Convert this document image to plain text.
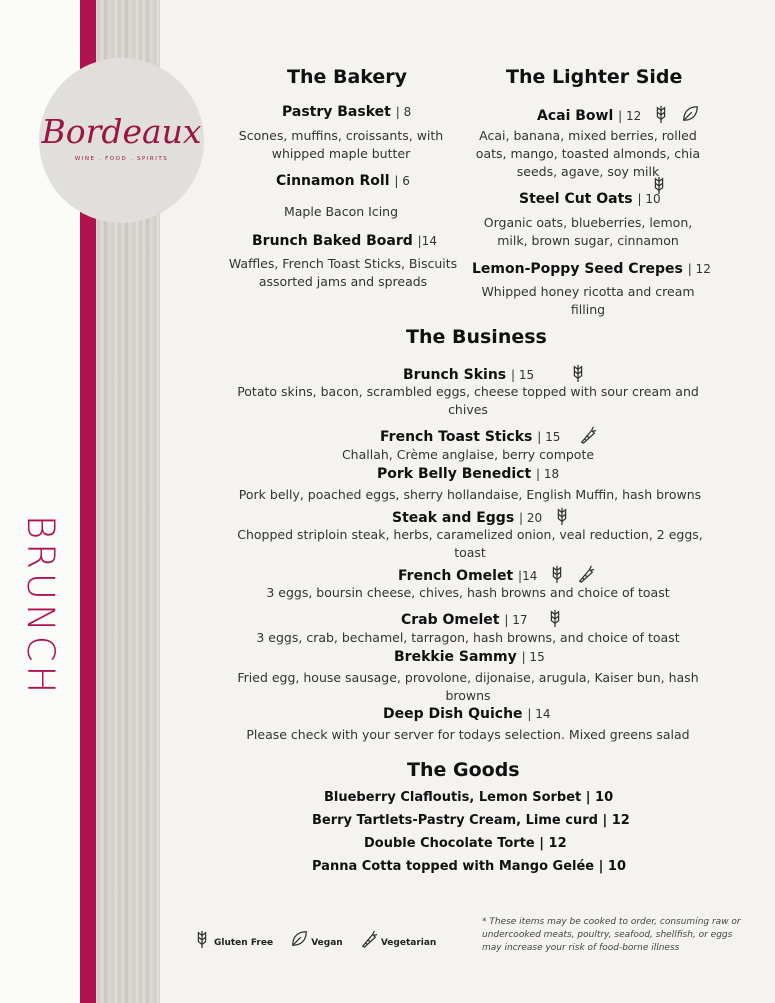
BRUNCH
Bordeaux
WINE . FOOD . SPIRITS
The Bakery
Pastry Basket | 8
Scones, muffins, croissants, with whipped maple butter
Cinnamon Roll | 6
Maple Bacon Icing
Brunch Baked Board |14
Waffles, French Toast Sticks, Biscuits assorted jams and spreads
The Lighter Side
Acai Bowl | 12
Acai, banana, mixed berries, rolled oats, mango, toasted almonds, chia seeds, agave, soy milk
Steel Cut Oats | 10
Organic oats, blueberries, lemon, milk, brown sugar, cinnamon
Lemon-Poppy Seed Crepes | 12
Whipped honey ricotta and cream filling
The Business
Brunch Skins | 15
Potato skins, bacon, scrambled eggs, cheese topped with sour cream and chives
French Toast Sticks | 15
Challah, Crème anglaise, berry compote
Pork Belly Benedict | 18
Pork belly, poached eggs, sherry hollandaise, English Muffin, hash browns
Steak and Eggs | 20
Chopped striploin steak, herbs, caramelized onion, veal reduction, 2 eggs, toast
French Omelet |14
3 eggs, boursin cheese, chives, hash browns and choice of toast
Crab Omelet | 17
3 eggs, crab, bechamel, tarragon, hash browns, and choice of toast
Brekkie Sammy | 15
Fried egg, house sausage, provolone, dijonaise, arugula, Kaiser bun, hash browns
Deep Dish Quiche | 14
Please check with your server for todays selection. Mixed greens salad
The Goods
Blueberry Clafloutis, Lemon Sorbet | 10
Berry Tartlets-Pastry Cream, Lime curd | 12
Double Chocolate Torte | 12
Panna Cotta topped with Mango Gelée | 10
Gluten Free	Vegan	Vegetarian
* These items may be cooked to order, consuming raw or undercooked meats, poultry, seafood, shellfish, or eggs may increase your risk of food-borne illness
